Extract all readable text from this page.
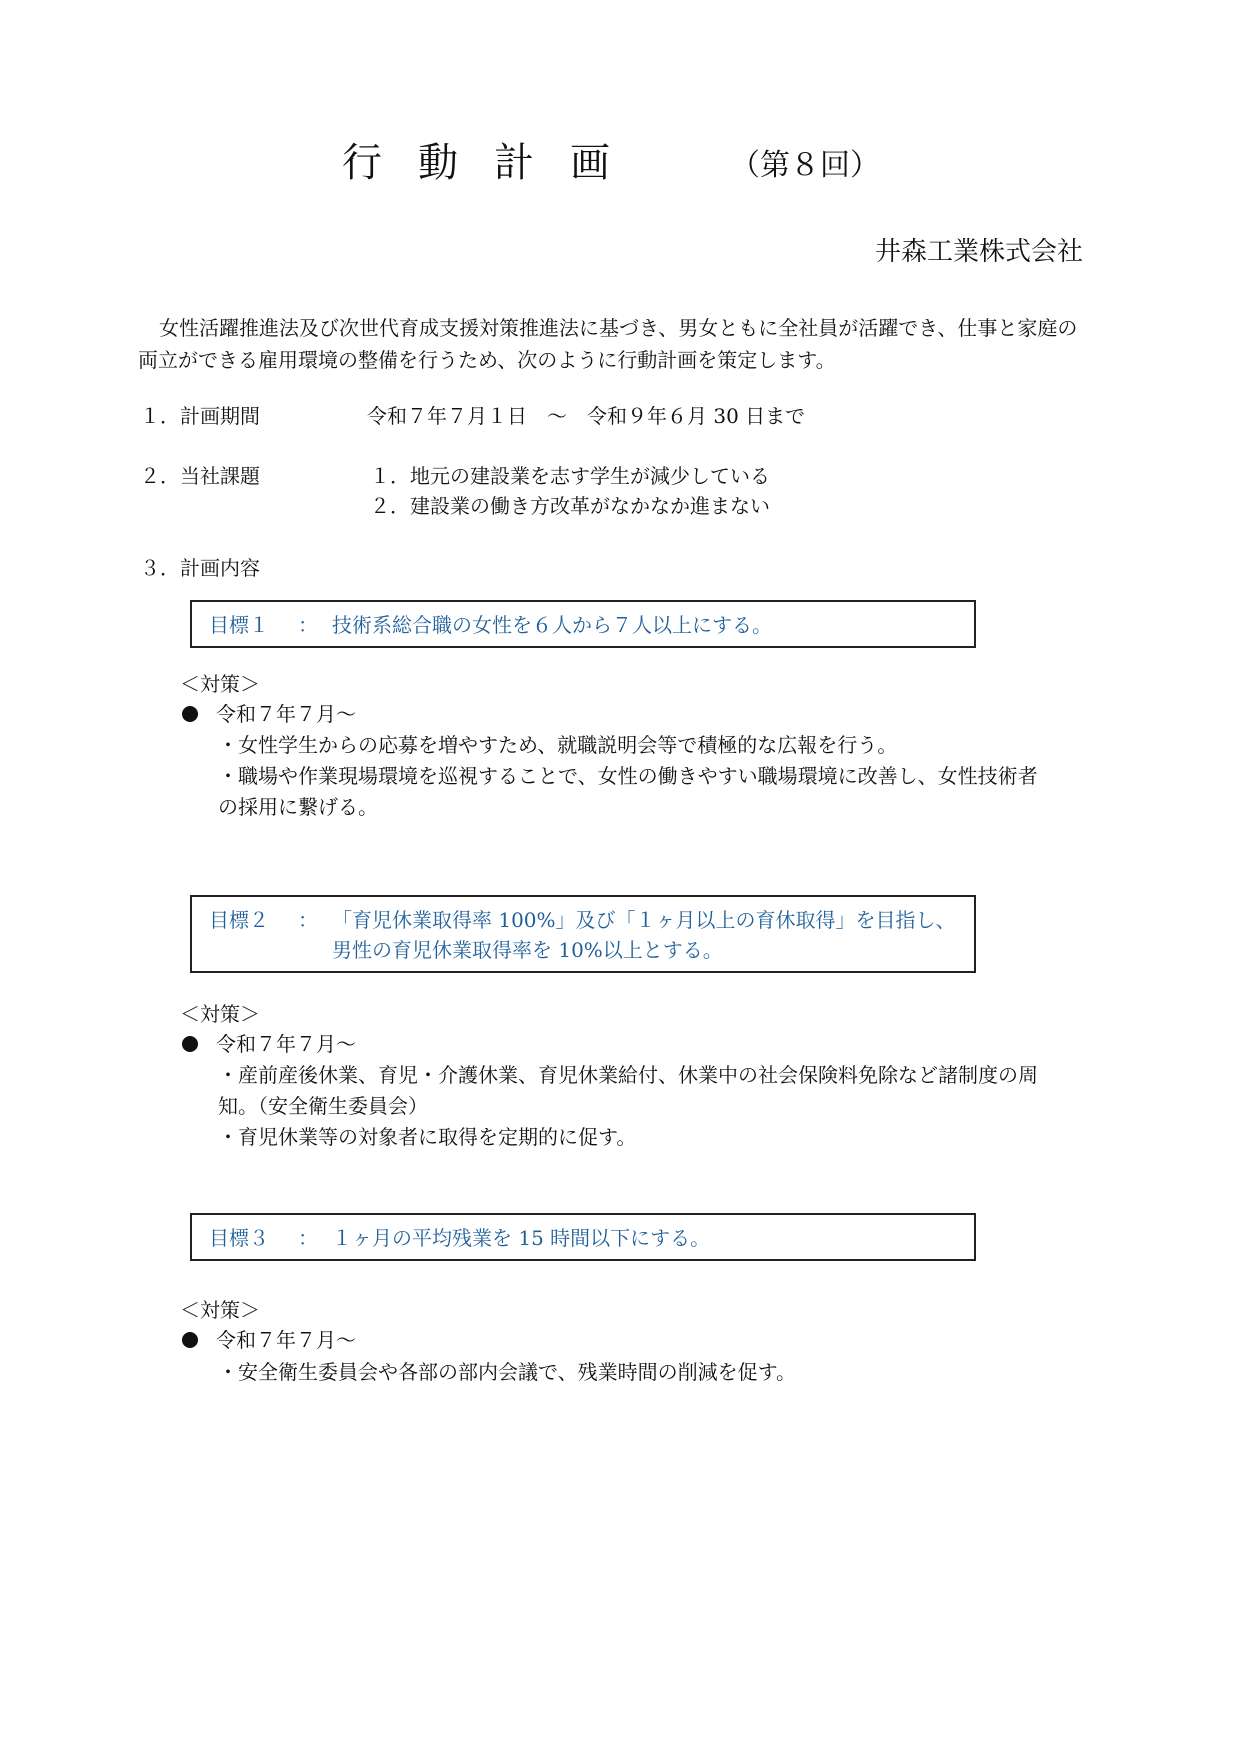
行動計画	（第８回）
井森工業株式会社
女性活躍推進法及び次世代育成支援対策推進法に基づき、男女ともに全社員が活躍でき、仕事と家庭の両立ができる雇用環境の整備を行うため、次のように行動計画を策定します。
１．計画期間	令和７年７月１日　～　令和９年６月 30 日まで
２．当社課題	１．地元の建設業を志す学生が減少している
２．建設業の働き方改革がなかなか進まない
３．計画内容
目標１ ： 技術系総合職の女性を６人から７人以上にする。
＜対策＞
令和７年７月～
・女性学生からの応募を増やすため、就職説明会等で積極的な広報を行う。
・職場や作業現場環境を巡視することで、女性の働きやすい職場環境に改善し、女性技術者
の採用に繋げる。
目標２ ： 「育児休業取得率 100%」及び「１ヶ月以上の育休取得」を目指し、
男性の育児休業取得率を 10%以上とする。
＜対策＞
令和７年７月～
・産前産後休業、育児・介護休業、育児休業給付、休業中の社会保険料免除など諸制度の周
知。（安全衛生委員会）
・育児休業等の対象者に取得を定期的に促す。
目標３ ： １ヶ月の平均残業を 15 時間以下にする。
＜対策＞
令和７年７月～
・安全衛生委員会や各部の部内会議で、残業時間の削減を促す。
